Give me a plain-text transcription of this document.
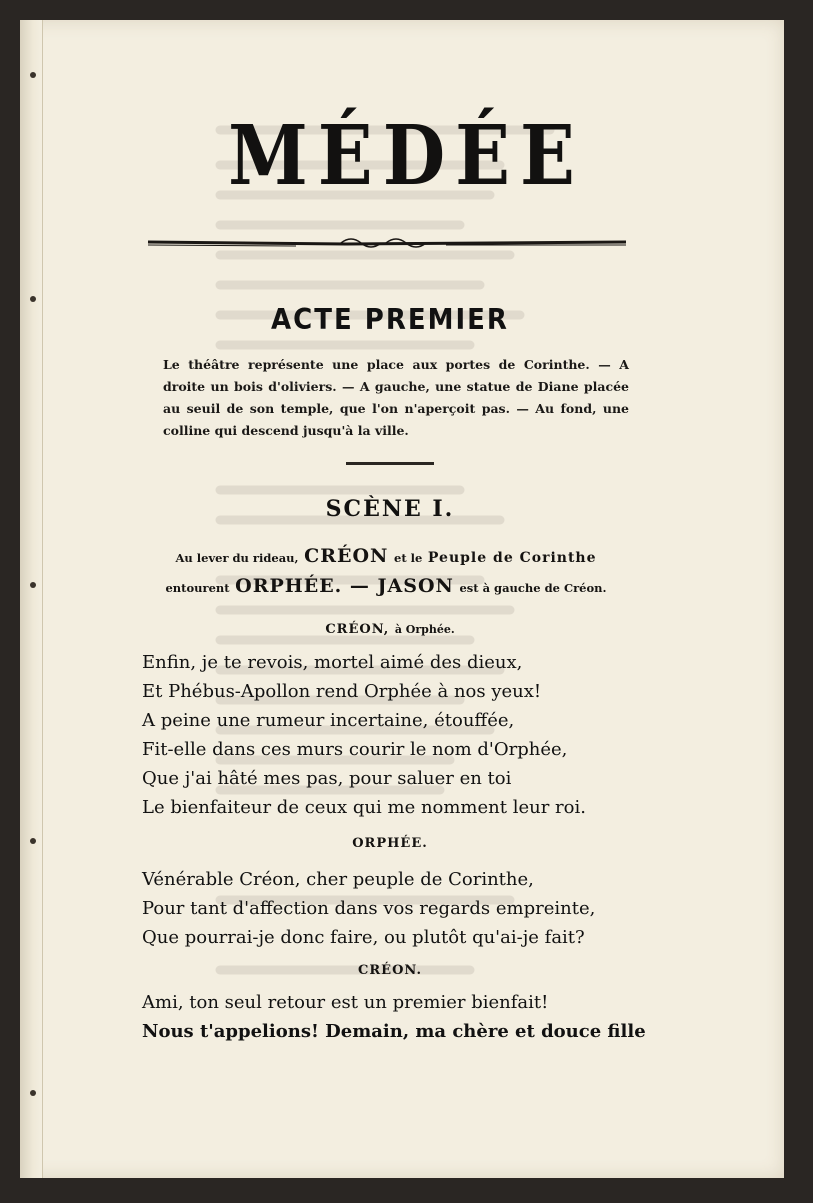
MÉDÉE
ACTE PREMIER
Le théâtre représente une place aux portes de Corinthe. — A droite un bois d'oliviers. — A gauche, une statue de Diane placée au seuil de son temple, que l'on n'aperçoit pas. — Au fond, une colline qui descend jusqu'à la ville.
SCÈNE I.
Au lever du rideau, CRÉON et le Peuple de Corinthe
entourent ORPHÉE. — JASON est à gauche de Créon.
CRÉON, à Orphée.
Enfin, je te revois, mortel aimé des dieux,
Et Phébus-Apollon rend Orphée à nos yeux!
A peine une rumeur incertaine, étouffée,
Fit-elle dans ces murs courir le nom d'Orphée,
Que j'ai hâté mes pas, pour saluer en toi
Le bienfaiteur de ceux qui me nomment leur roi.
ORPHÉE.
Vénérable Créon, cher peuple de Corinthe,
Pour tant d'affection dans vos regards empreinte,
Que pourrai-je donc faire, ou plutôt qu'ai-je fait?
CRÉON.
Ami, ton seul retour est un premier bienfait!
Nous t'appelions! Demain, ma chère et douce fille
